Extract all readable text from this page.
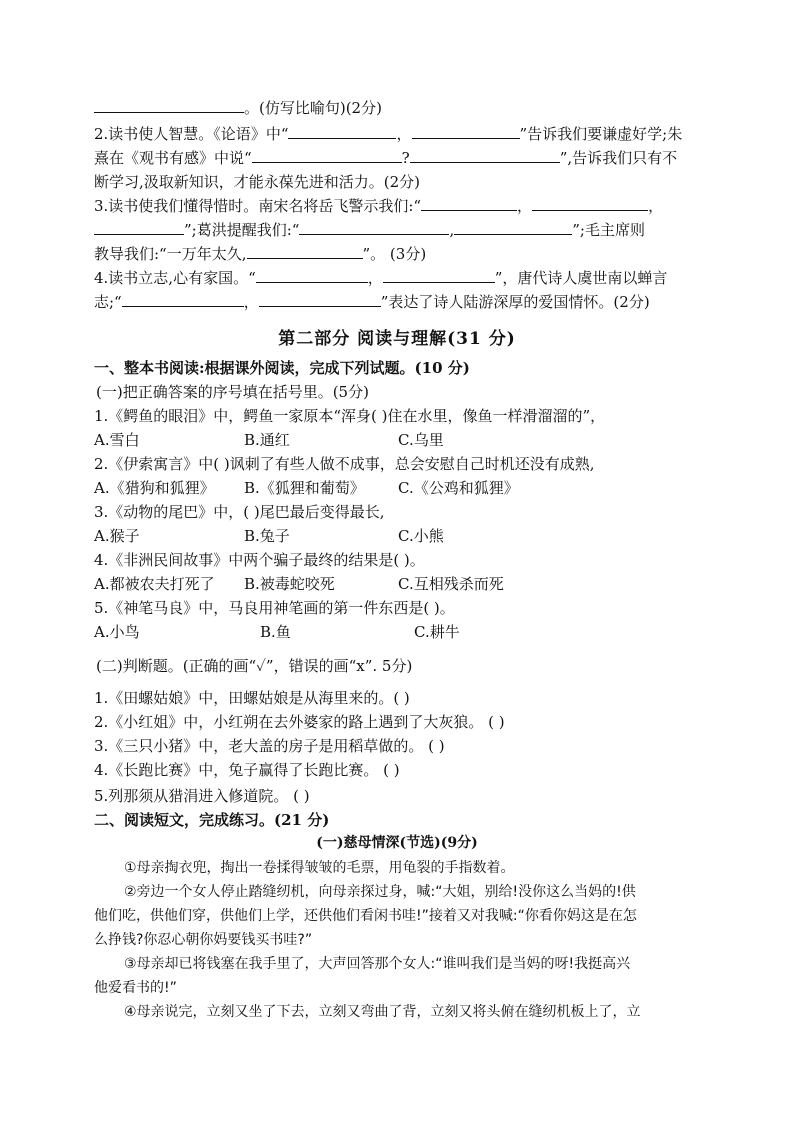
。(仿写比喻句)(2分)
2.读书使人智慧。《论语》中“	，	”告诉我们要谦虚好学;朱
熹在《观书有感》中说“	?	”,告诉我们只有不
断学习,汲取新知识，才能永葆先进和活力。(2分)
3.读书使我们懂得惜时。南宋名将岳飞警示我们:“	，	，
”;葛洪提醒我们:“	,	”;毛主席则
教导我们:“一万年太久,	”。 (3分)
4.读书立志,心有家国。“	，	”，唐代诗人虞世南以蝉言
志;“	，	”表达了诗人陆游深厚的爱国情怀。(2分)
第二部分 阅读与理解(31 分)
一、整本书阅读:根据课外阅读，完成下列试题。(10 分)
(一)把正确答案的序号填在括号里。(5分)
1.《鳄鱼的眼泪》中，鳄鱼一家原本“浑身( )住在水里，像鱼一样滑溜溜的”，
A.雪白	B.通红	C.乌里
2.《伊索寓言》中( )讽刺了有些人做不成事，总会安慰自己时机还没有成熟,
A.《猎狗和狐狸》 B.《狐狸和葡萄》 C.《公鸡和狐狸》
3.《动物的尾巴》中，( )尾巴最后变得最长,
A.猴子	B.兔子	C.小熊
4.《非洲民间故事》中两个骗子最终的结果是( )。
A.都被农夫打死了 B.被毒蛇咬死	C.互相残杀而死
5.《神笔马良》中，马良用神笔画的第一件东西是( )。
A.小鸟	B.鱼	C.耕牛
(二)判断题。(正确的画“✓”，错误的画“x”. 5分)
1.《田螺姑娘》中，田螺姑娘是从海里来的。( )
2.《小红姐》中，小红朔在去外婆家的路上遇到了大灰狼。 ( )
3.《三只小猪》中，老大盖的房子是用稻草做的。 ( )
4.《长跑比赛》中，兔子赢得了长跑比赛。 ( )
5.列那须从猎涓进入修道院。 ( )
二、阅读短文，完成练习。(21 分)
(一)慈母情深(节选)(9分)
①母亲掏衣兜，掏出一卷揉得皱皱的毛票，用龟裂的手指数着。
②旁边一个女人停止踏缝纫机，向母亲探过身，喊:“大姐，别给!没你这么当妈的!供
他们吃，供他们穿，供他们上学，还供他们看闲书哇!”接着又对我喊:“你看你妈这是在怎
么挣钱?你忍心朝你妈要钱买书哇?”
③母亲却已将钱塞在我手里了，大声回答那个女人:“谁叫我们是当妈的呀!我挺高兴
他爱看书的!”
④母亲说完，立刻又坐了下去，立刻又弯曲了背，立刻又将头俯在缝纫机板上了，立
